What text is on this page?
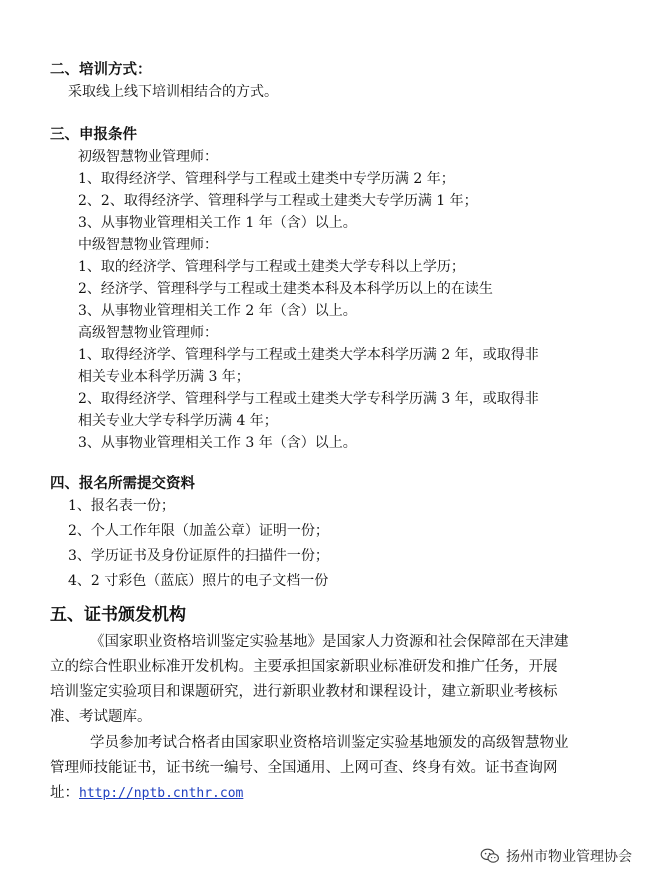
二、培训方式：
采取线上线下培训相结合的方式。
三、申报条件
初级智慧物业管理师：
1、取得经济学、管理科学与工程或土建类中专学历满 2 年；
2、2、取得经济学、管理科学与工程或土建类大专学历满 1 年；
3、从事物业管理相关工作 1 年（含）以上。
中级智慧物业管理师：
1、取的经济学、管理科学与工程或土建类大学专科以上学历；
2、经济学、管理科学与工程或土建类本科及本科学历以上的在读生
3、从事物业管理相关工作 2 年（含）以上。
高级智慧物业管理师：
1、取得经济学、管理科学与工程或土建类大学本科学历满 2 年，或取得非
相关专业本科学历满 3 年；
2、取得经济学、管理科学与工程或土建类大学专科学历满 3 年，或取得非
相关专业大学专科学历满 4 年；
3、从事物业管理相关工作 3 年（含）以上。
四、报名所需提交资料
1、报名表一份；
2、个人工作年限（加盖公章）证明一份；
3、学历证书及身份证原件的扫描件一份；
4、2 寸彩色（蓝底）照片的电子文档一份
五、证书颁发机构
《国家职业资格培训鉴定实验基地》是国家人力资源和社会保障部在天津建
立的综合性职业标准开发机构。主要承担国家新职业标准研发和推广任务，开展
培训鉴定实验项目和课题研究，进行新职业教材和课程设计，建立新职业考核标
准、考试题库。
学员参加考试合格者由国家职业资格培训鉴定实验基地颁发的高级智慧物业
管理师技能证书，证书统一编号、全国通用、上网可查、终身有效。证书查询网
址：http://nptb.cnthr.com
扬州市物业管理协会
